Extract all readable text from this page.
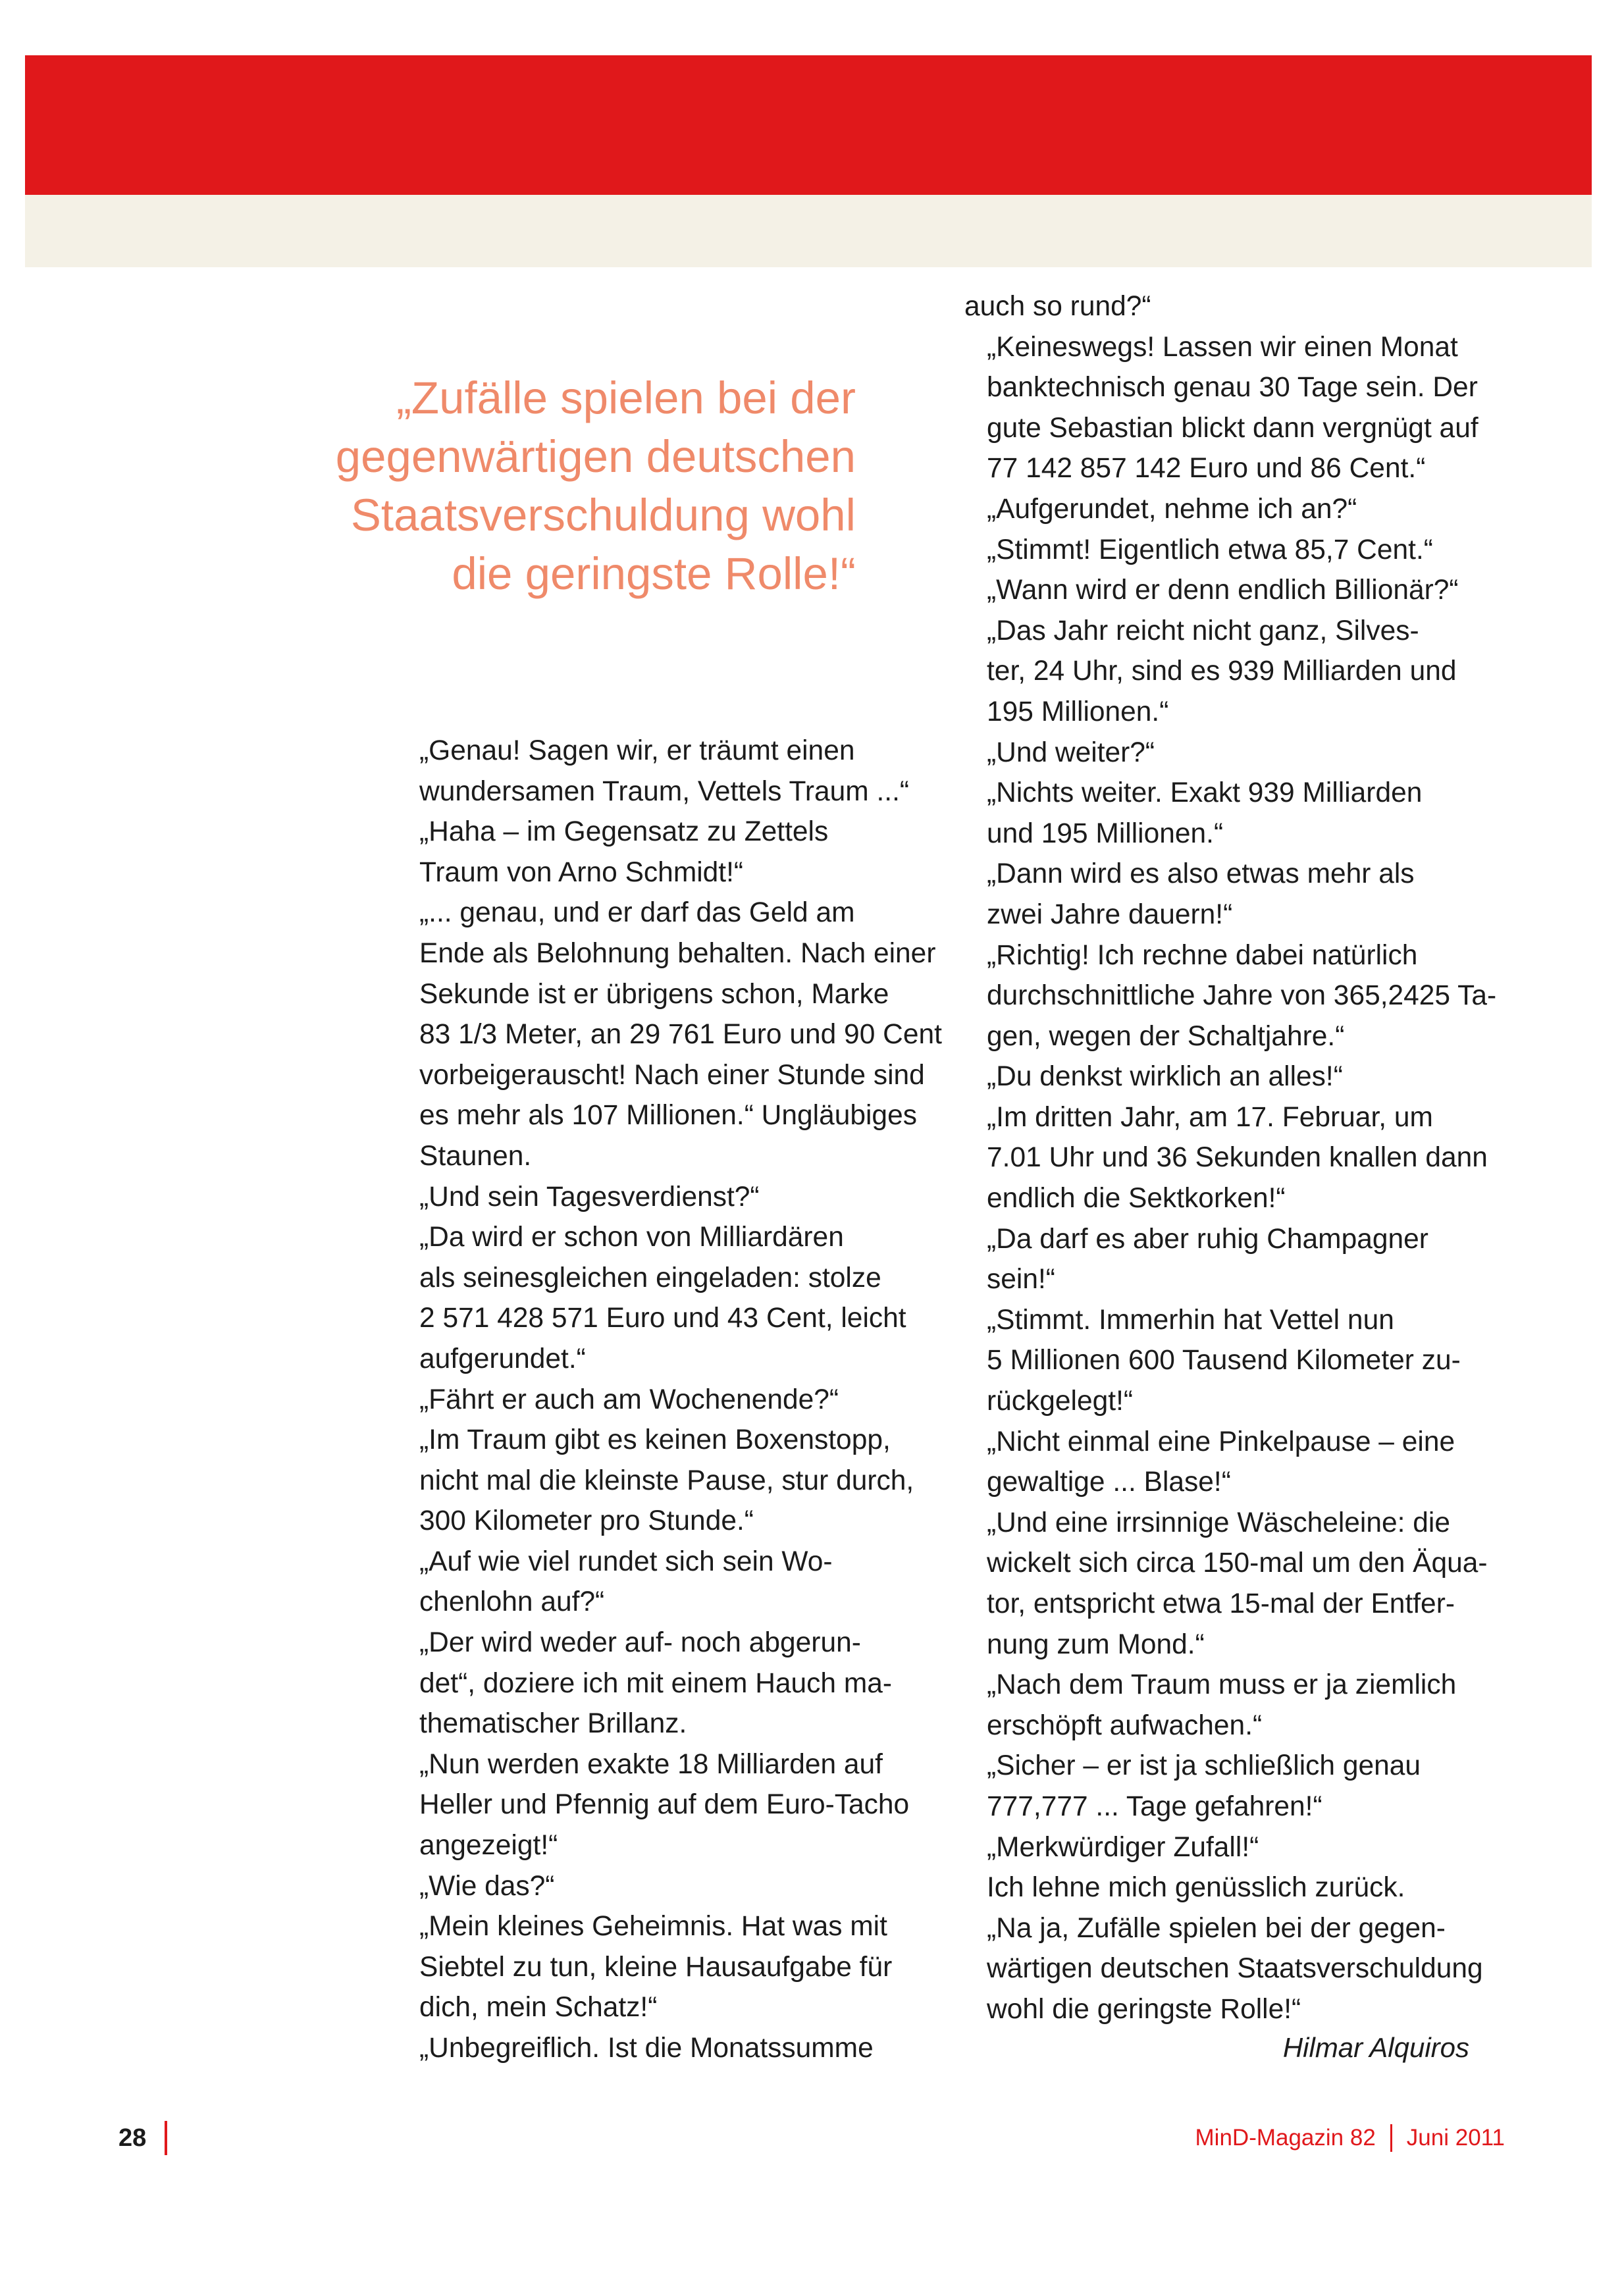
„Zufälle spielen bei der
gegenwärtigen deutschen
Staatsverschuldung wohl
die geringste Rolle!“

„Genau! Sagen wir, er träumt einen
wundersamen Traum, Vettels Traum ...“

„Haha – im Gegensatz zu Zettels
Traum von Arno Schmidt!“

„... genau, und er darf das Geld am
Ende als Belohnung behalten. Nach einer
Sekunde ist er übrigens schon, Marke
83 1/3 Meter, an 29 761 Euro und 90 Cent
vorbeigerauscht! Nach einer Stunde sind
es mehr als 107 Millionen.“ Ungläubiges
Staunen.

„Und sein Tagesverdienst?“

„Da wird er schon von Milliardären
als seinesgleichen eingeladen: stolze
2 571 428 571 Euro und 43 Cent, leicht
aufgerundet.“

„Fährt er auch am Wochenende?“

„Im Traum gibt es keinen Boxenstopp,
nicht mal die kleinste Pause, stur durch,
300 Kilometer pro Stunde.“

„Auf wie viel rundet sich sein Wo-
chenlohn auf?“

„Der wird weder auf- noch abgerun-
det“, doziere ich mit einem Hauch ma-
thematischer Brillanz.

„Nun werden exakte 18 Milliarden auf
Heller und Pfennig auf dem Euro-Tacho
angezeigt!“

„Wie das?“

„Mein kleines Geheimnis. Hat was mit
Siebtel zu tun, kleine Hausaufgabe für
dich, mein Schatz!“

„Unbegreiflich. Ist die Monatssumme

auch so rund?“

„Keineswegs! Lassen wir einen Monat
banktechnisch genau 30 Tage sein. Der
gute Sebastian blickt dann vergnügt auf
77 142 857 142 Euro und 86 Cent.“

„Aufgerundet, nehme ich an?“

„Stimmt! Eigentlich etwa 85,7 Cent.“

„Wann wird er denn endlich Billionär?“

„Das Jahr reicht nicht ganz, Silves-
ter, 24 Uhr, sind es 939 Milliarden und
195 Millionen.“

„Und weiter?“

„Nichts weiter. Exakt 939 Milliarden
und 195 Millionen.“

„Dann wird es also etwas mehr als
zwei Jahre dauern!“

„Richtig! Ich rechne dabei natürlich
durchschnittliche Jahre von 365,2425 Ta-
gen, wegen der Schaltjahre.“

„Du denkst wirklich an alles!“

„Im dritten Jahr, am 17. Februar, um
7.01 Uhr und 36 Sekunden knallen dann
endlich die Sektkorken!“

„Da darf es aber ruhig Champagner
sein!“

„Stimmt. Immerhin hat Vettel nun
5 Millionen 600 Tausend Kilometer zu-
rückgelegt!“

„Nicht einmal eine Pinkelpause – eine
gewaltige ... Blase!“

„Und eine irrsinnige Wäscheleine: die
wickelt sich circa 150-mal um den Äqua-
tor, entspricht etwa 15-mal der Entfer-
nung zum Mond.“

„Nach dem Traum muss er ja ziemlich
erschöpft aufwachen.“

„Sicher – er ist ja schließlich genau
777,777 ... Tage gefahren!“

„Merkwürdiger Zufall!“

Ich lehne mich genüsslich zurück.

„Na ja, Zufälle spielen bei der gegen-
wärtigen deutschen Staatsverschuldung
wohl die geringste Rolle!“

Hilmar Alquiros
28	MinD-Magazin 82 Juni 2011
